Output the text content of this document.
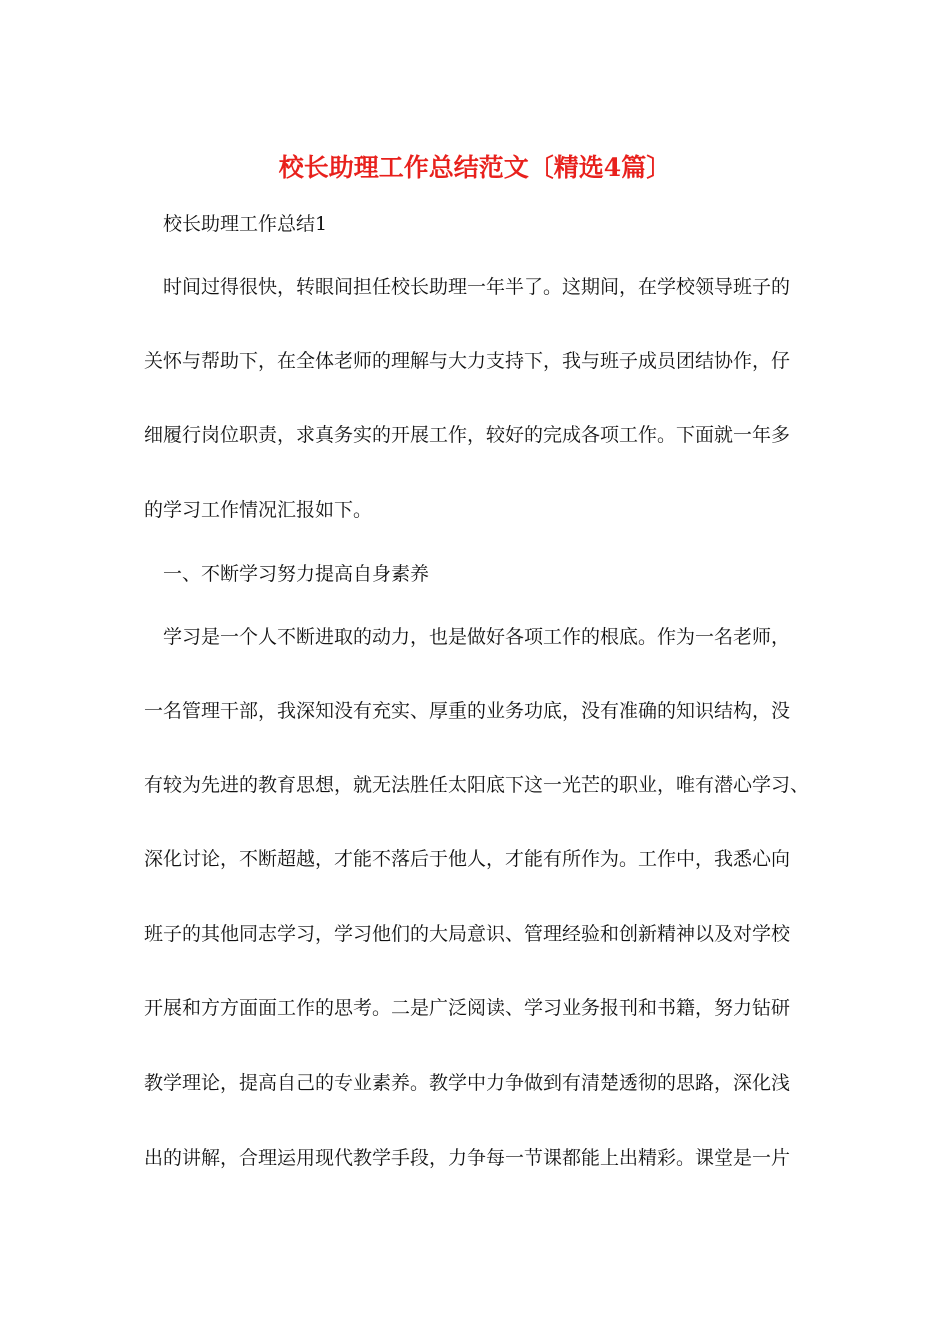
校长助理工作总结范文〔精选4篇〕
校长助理工作总结1
时间过得很快，转眼间担任校长助理一年半了。这期间，在学校领导班子的
关怀与帮助下，在全体老师的理解与大力支持下，我与班子成员团结协作，仔
细履行岗位职责，求真务实的开展工作，较好的完成各项工作。下面就一年多
的学习工作情况汇报如下。
一、不断学习努力提高自身素养
学习是一个人不断进取的动力，也是做好各项工作的根底。作为一名老师，
一名管理干部，我深知没有充实、厚重的业务功底，没有准确的知识结构，没
有较为先进的教育思想，就无法胜任太阳底下这一光芒的职业，唯有潜心学习、
深化讨论，不断超越，才能不落后于他人，才能有所作为。工作中，我悉心向
班子的其他同志学习，学习他们的大局意识、管理经验和创新精神以及对学校
开展和方方面面工作的思考。二是广泛阅读、学习业务报刊和书籍，努力钻研
教学理论，提高自己的专业素养。教学中力争做到有清楚透彻的思路，深化浅
出的讲解，合理运用现代教学手段，力争每一节课都能上出精彩。课堂是一片
